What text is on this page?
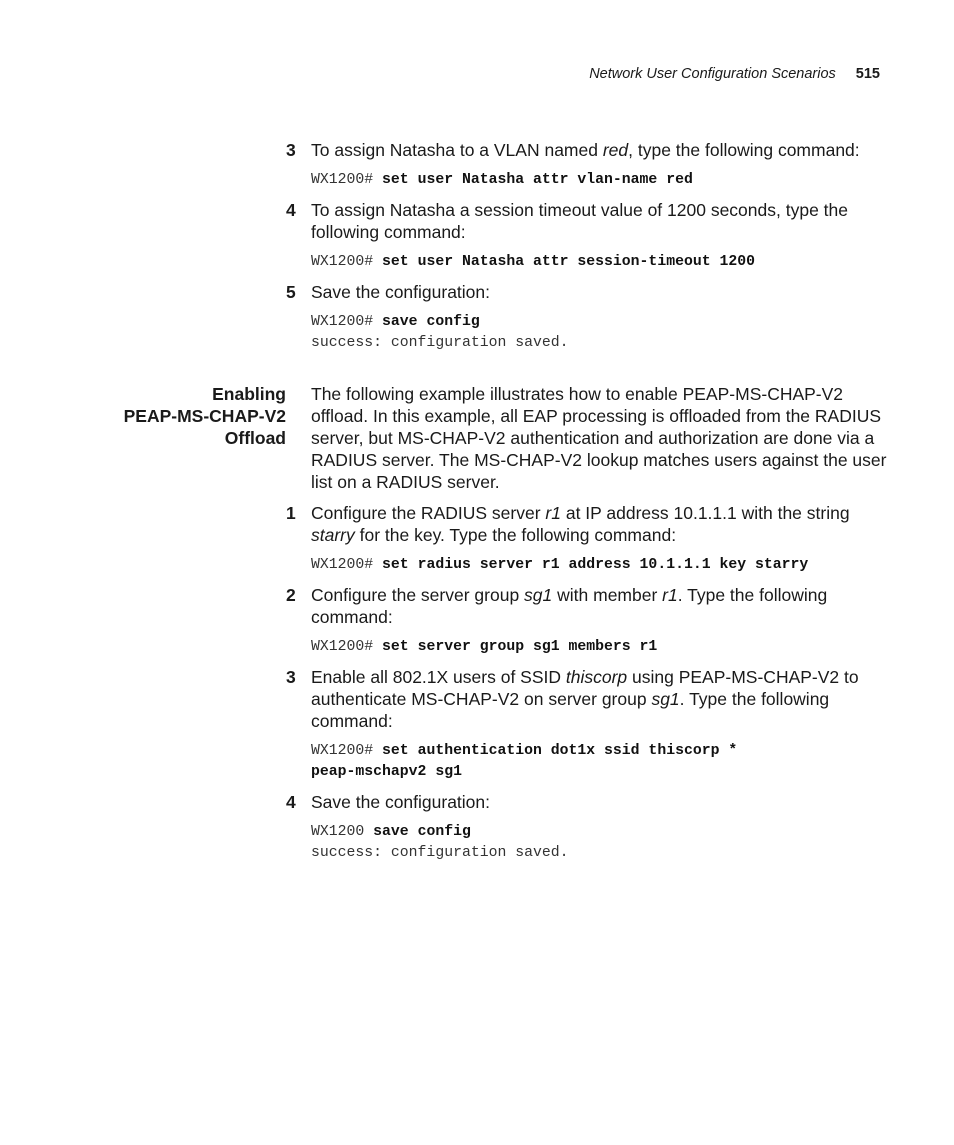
Network User Configuration Scenarios 515
3 To assign Natasha to a VLAN named red, type the following command:
WX1200# set user Natasha attr vlan-name red
4 To assign Natasha a session timeout value of 1200 seconds, type the following command:
WX1200# set user Natasha attr session-timeout 1200
5 Save the configuration:
WX1200# save config
success: configuration saved.
Enabling
PEAP-MS-CHAP-V2
Offload
The following example illustrates how to enable PEAP-MS-CHAP-V2 offload. In this example, all EAP processing is offloaded from the RADIUS server, but MS-CHAP-V2 authentication and authorization are done via a RADIUS server. The MS-CHAP-V2 lookup matches users against the user list on a RADIUS server.
1 Configure the RADIUS server r1 at IP address 10.1.1.1 with the string starry for the key. Type the following command:
WX1200# set radius server r1 address 10.1.1.1 key starry
2 Configure the server group sg1 with member r1. Type the following command:
WX1200# set server group sg1 members r1
3 Enable all 802.1X users of SSID thiscorp using PEAP-MS-CHAP-V2 to authenticate MS-CHAP-V2 on server group sg1. Type the following command:
WX1200# set authentication dot1x ssid thiscorp *
peap-mschapv2 sg1
4 Save the configuration:
WX1200 save config
success: configuration saved.
